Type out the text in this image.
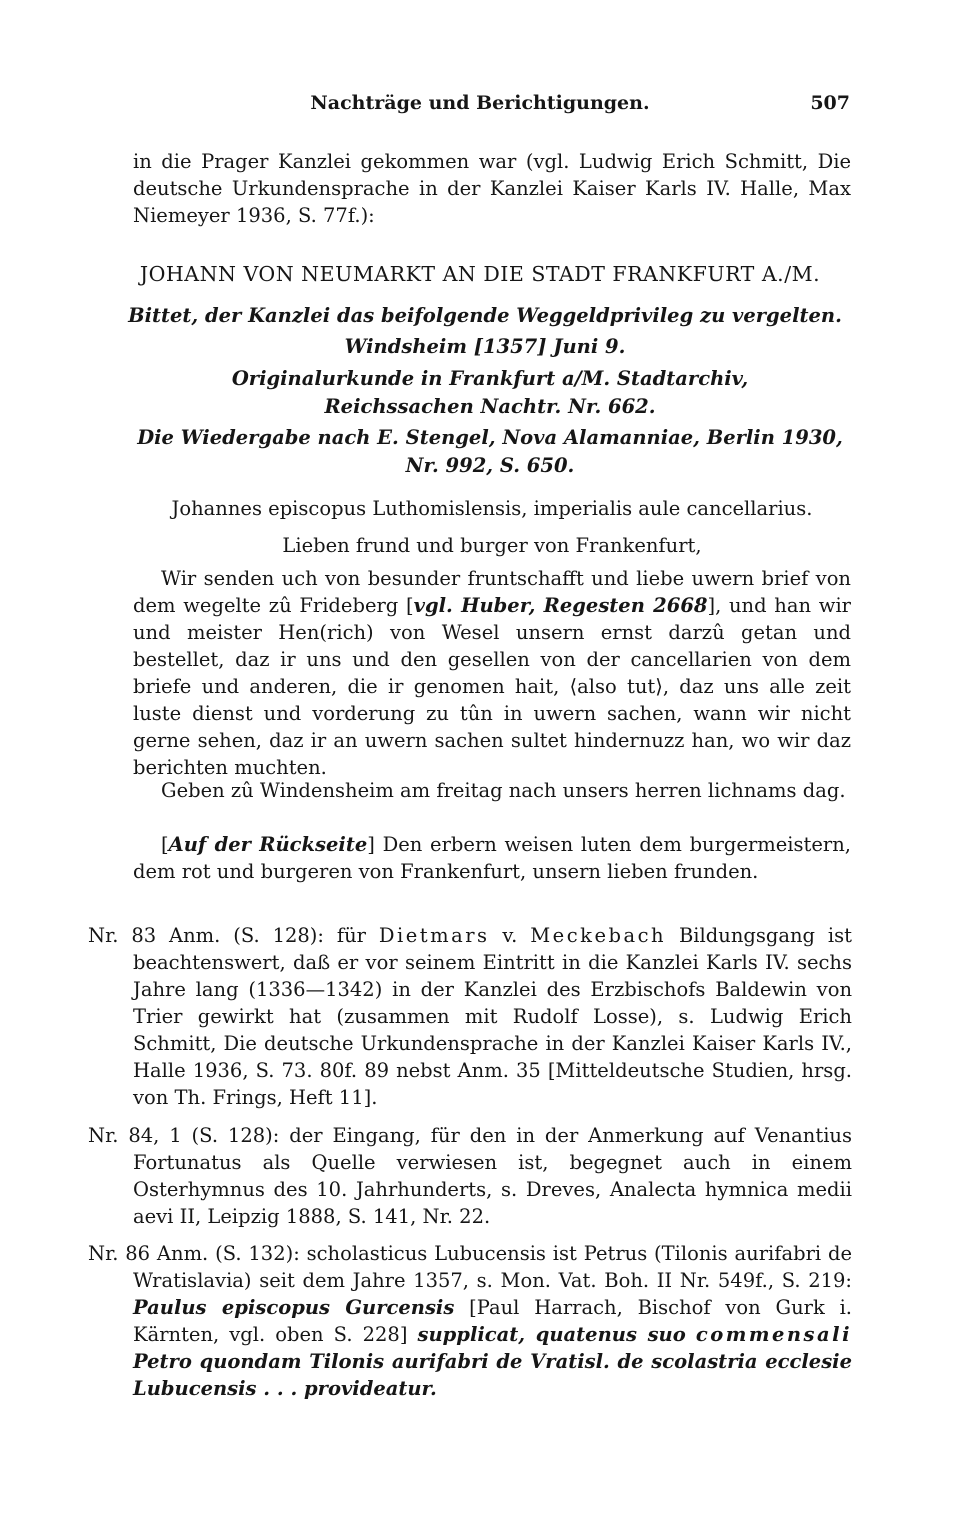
Nachträge und Berichtigungen.	507

in die Prager Kanzlei gekommen war (vgl. Ludwig Erich Schmitt, Die deutsche Urkundensprache in der Kanzlei Kaiser Karls IV. Halle, Max Niemeyer 1936, S. 77f.):

JOHANN VON NEUMARKT AN DIE STADT FRANKFURT A./M.

Bittet, der Kanzlei das beifolgende Weggeldprivileg zu vergelten.

Windsheim [1357] Juni 9.

Originalurkunde in Frankfurt a/M. Stadtarchiv, Reichssachen Nachtr. Nr. 662.

Die Wiedergabe nach E. Stengel, Nova Alamanniae, Berlin 1930, Nr. 992, S. 650.

Johannes episcopus Luthomislensis, imperialis aule cancellarius.

Lieben frund und burger von Frankenfurt,

Wir senden uch von besunder fruntschafft und liebe uwern brief von dem wegelte zû Frideberg [vgl. Huber, Regesten 2668], und han wir und meister Hen(rich) von Wesel unsern ernst darzû getan und bestellet, daz ir uns und den gesellen von der cancellarien von dem briefe und anderen, die ir genomen hait, ⟨also tut⟩, daz uns alle zeit luste dienst und vorderung zu tûn in uwern sachen, wann wir nicht gerne sehen, daz ir an uwern sachen sultet hindernuzz han, wo wir daz berichten muchten.

Geben zû Windensheim am freitag nach unsers herren lichnams dag.

[Auf der Rückseite] Den erbern weisen luten dem burgermeistern, dem rot und burgeren von Frankenfurt, unsern lieben frunden.

Nr. 83 Anm. (S. 128): für Dietmars v. Meckebach Bildungsgang ist beachtenswert, daß er vor seinem Eintritt in die Kanzlei Karls IV. sechs Jahre lang (1336—1342) in der Kanzlei des Erzbischofs Baldewin von Trier gewirkt hat (zusammen mit Rudolf Losse), s. Ludwig Erich Schmitt, Die deutsche Urkundensprache in der Kanzlei Kaiser Karls IV., Halle 1936, S. 73. 80f. 89 nebst Anm. 35 [Mitteldeutsche Studien, hrsg. von Th. Frings, Heft 11].

Nr. 84, 1 (S. 128): der Eingang, für den in der Anmerkung auf Venantius Fortunatus als Quelle verwiesen ist, begegnet auch in einem Osterhymnus des 10. Jahrhunderts, s. Dreves, Analecta hymnica medii aevi II, Leipzig 1888, S. 141, Nr. 22.

Nr. 86 Anm. (S. 132): scholasticus Lubucensis ist Petrus (Tilonis aurifabri de Wratislavia) seit dem Jahre 1357, s. Mon. Vat. Boh. II Nr. 549f., S. 219: Paulus episcopus Gurcensis [Paul Harrach, Bischof von Gurk i. Kärnten, vgl. oben S. 228] supplicat, quatenus suo commensali Petro quondam Tilonis aurifabri de Vratisl. de scolastria ecclesie Lubucensis . . . provideatur.
